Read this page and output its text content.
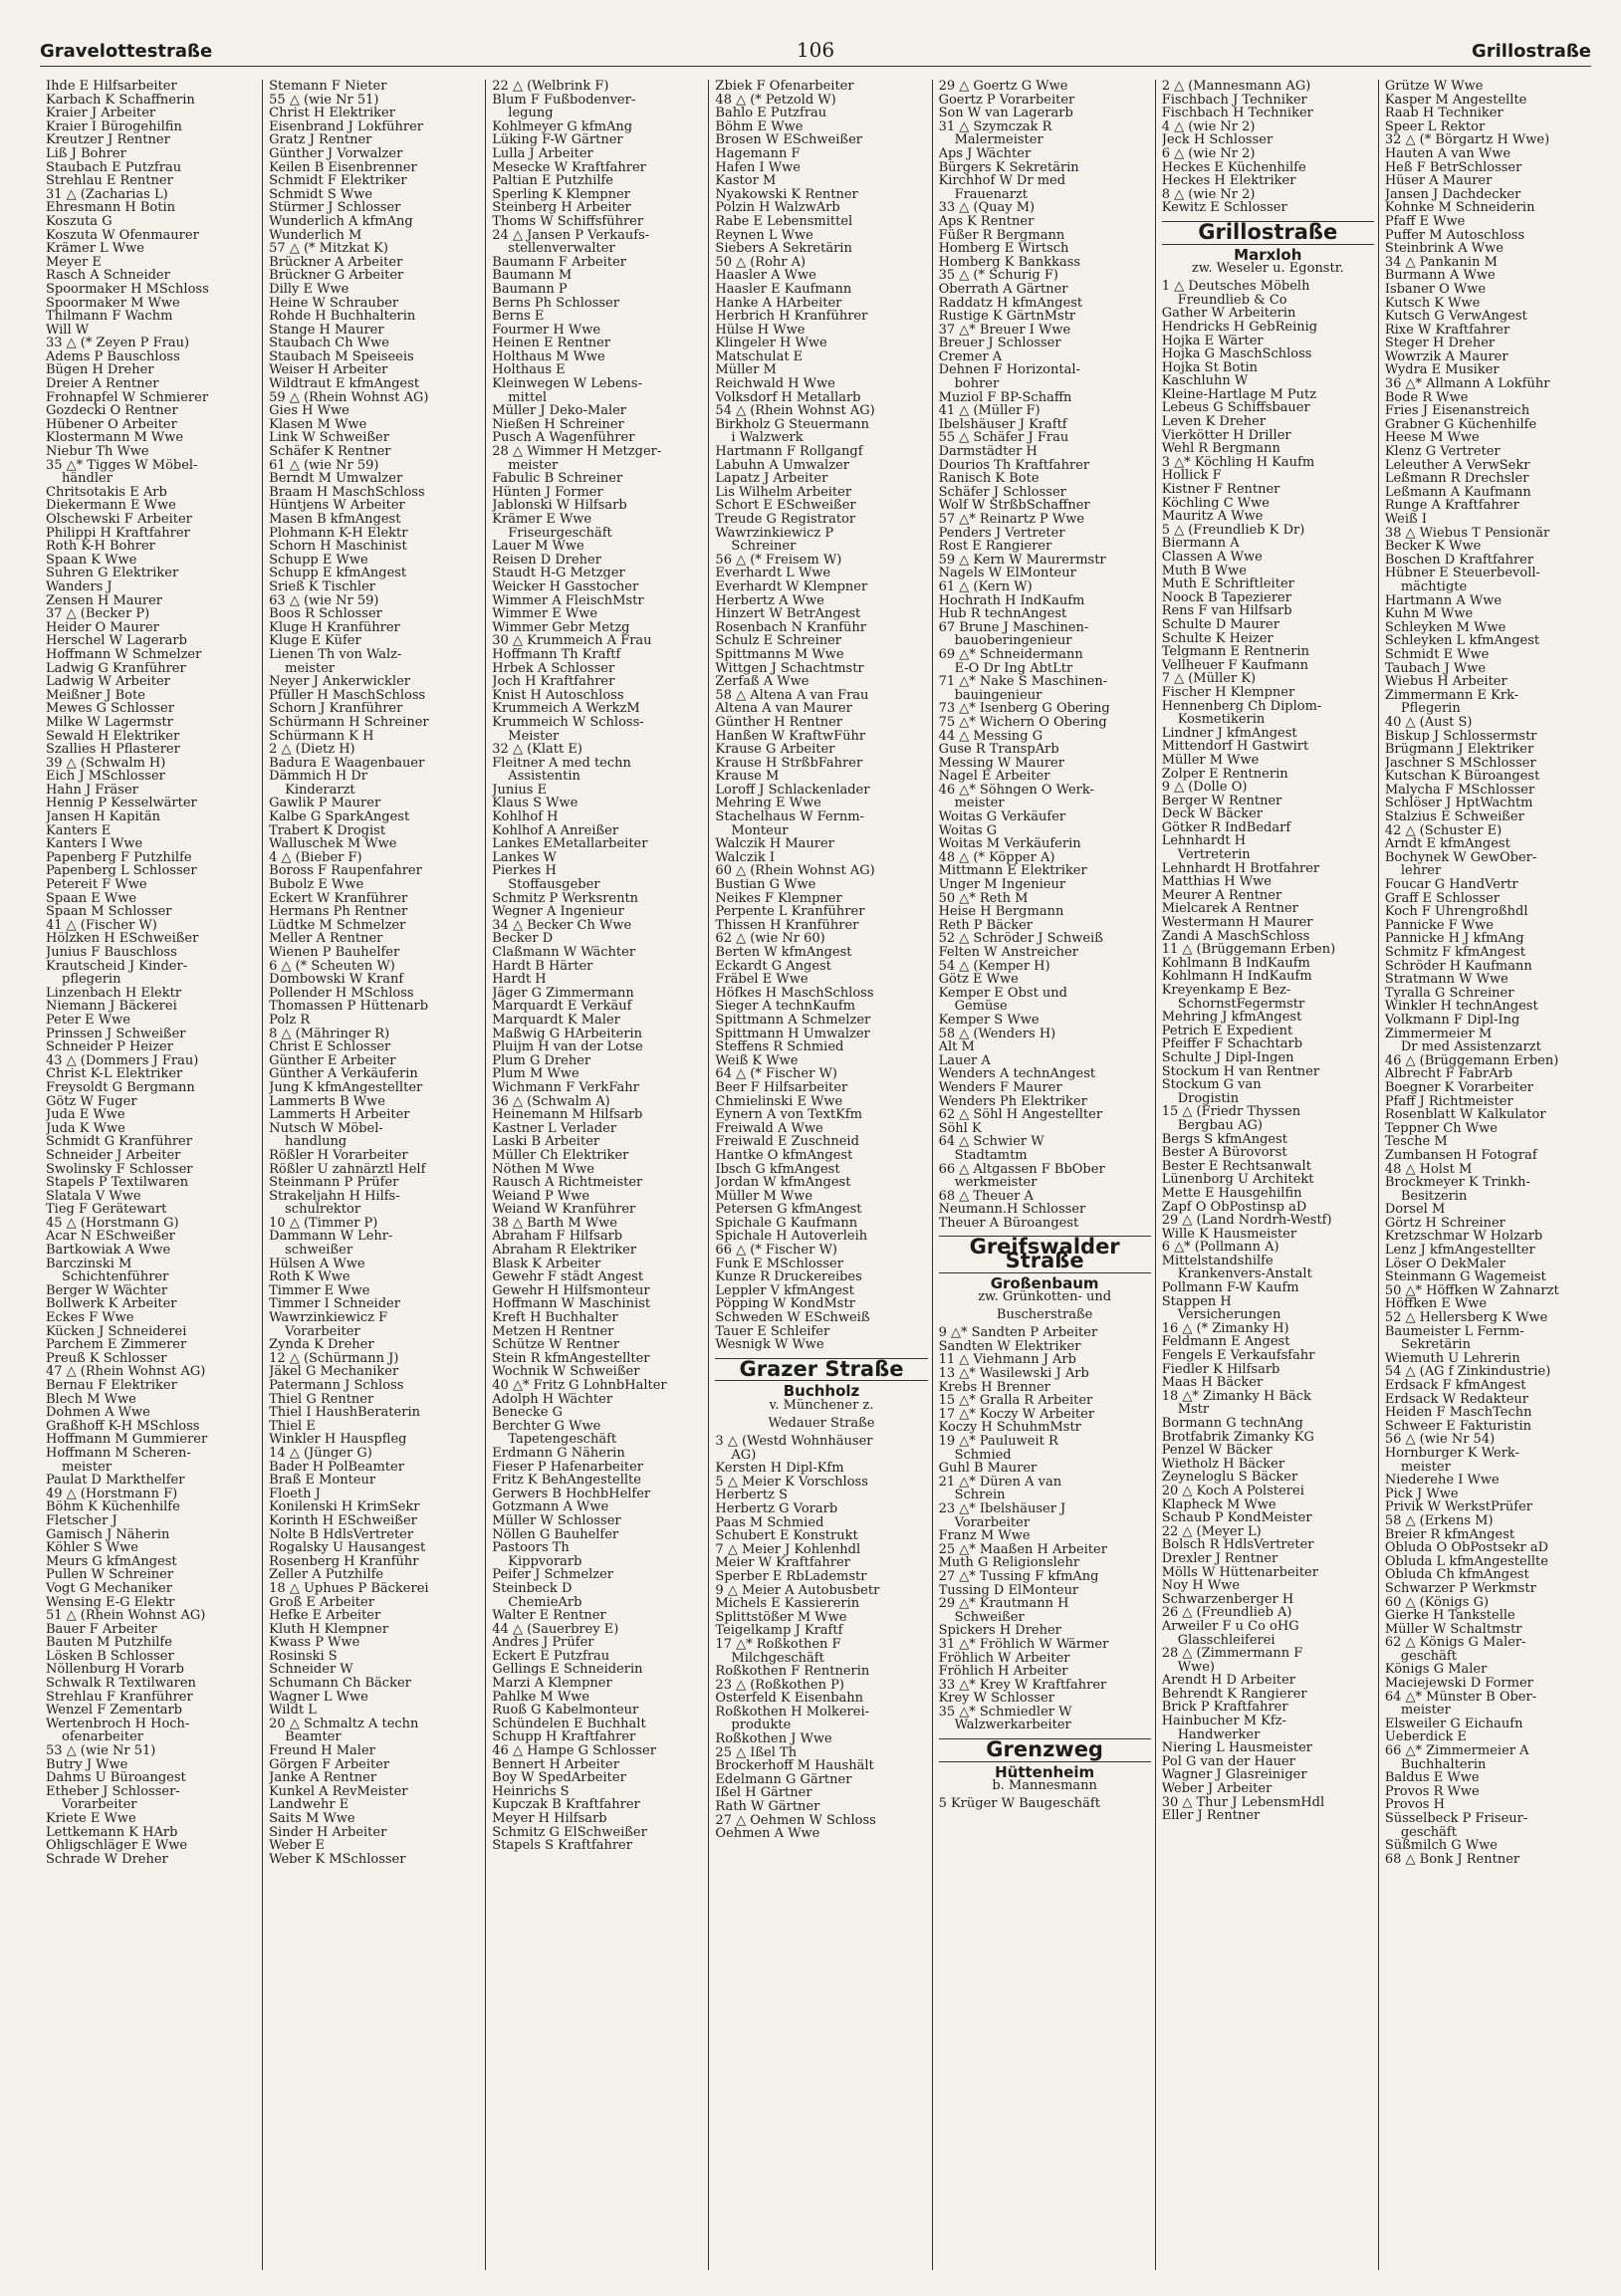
Gravelottestraße	106	Grillostraße
Ihde E Hilfsarbeiter
Karbach K Schaffnerin
Kraier J Arbeiter
Kraier I Bürogehilfin
Kreutzer J Rentner
Liß J Bohrer
Staubach E Putzfrau
Strehlau E Rentner
31 △ (Zacharias L)
Ehresmann H Botin
Koszuta G
Koszuta W Ofenmaurer
Krämer L Wwe
Meyer E
Rasch A Schneider
Spoormaker H MSchloss
Spoormaker M Wwe
Thilmann F Wachm
Will W
33 △ (* Zeyen P Frau)
Adems P Bauschloss
Bügen H Dreher
Dreier A Rentner
Frohnapfel W Schmierer
Gozdecki O Rentner
Hübener O Arbeiter
Klostermann M Wwe
Niebur Th Wwe
35 △* Tigges W Möbel-
händler
Chritsotakis E Arb
Diekermann E Wwe
Olschewski F Arbeiter
Philippi H Kraftfahrer
Roth K-H Bohrer
Spaan K Wwe
Suhren G Elektriker
Wanders J
Zensen H Maurer
37 △ (Becker P)
Heider O Maurer
Herschel W Lagerarb
Hoffmann W Schmelzer
Ladwig G Kranführer
Ladwig W Arbeiter
Meißner J Bote
Mewes G Schlosser
Milke W Lagermstr
Sewald H Elektriker
Szallies H Pflasterer
39 △ (Schwalm H)
Eich J MSchlosser
Hahn J Fräser
Hennig P Kesselwärter
Jansen H Kapitän
Kanters E
Kanters I Wwe
Papenberg F Putzhilfe
Papenberg L Schlosser
Petereit F Wwe
Spaan E Wwe
Spaan M Schlosser
41 △ (Fischer W)
Hölzken H ESchweißer
Junius F Bauschloss
Krautscheid J Kinder-
pflegerin
Linzenbach H Elektr
Niemann J Bäckerei
Peter E Wwe
Prinssen J Schweißer
Schneider P Heizer
43 △ (Dommers J Frau)
Christ K-L Elektriker
Freysoldt G Bergmann
Götz W Fuger
Juda E Wwe
Juda K Wwe
Schmidt G Kranführer
Schneider J Arbeiter
Swolinsky F Schlosser
Stapels P Textilwaren
Slatala V Wwe
Tieg F Gerätewart
45 △ (Horstmann G)
Acar N ESchweißer
Bartkowiak A Wwe
Barczinski M
Schichtenführer
Berger W Wächter
Bollwerk K Arbeiter
Eckes F Wwe
Kücken J Schneiderei
Parchem E Zimmerer
Preuß K Schlosser
47 △ (Rhein Wohnst AG)
Bernau F Elektriker
Blech M Wwe
Dohmen A Wwe
Graßhoff K-H MSchloss
Hoffmann M Gummierer
Hoffmann M Scheren-
meister
Paulat D Markthelfer
49 △ (Horstmann F)
Böhm K Küchenhilfe
Fletscher J
Gamisch J Näherin
Köhler S Wwe
Meurs G kfmAngest
Pullen W Schreiner
Vogt G Mechaniker
Wensing E-G Elektr
51 △ (Rhein Wohnst AG)
Bauer F Arbeiter
Bauten M Putzhilfe
Lösken B Schlosser
Nöllenburg H Vorarb
Schwalk R Textilwaren
Strehlau F Kranführer
Wenzel F Zementarb
Wertenbroch H Hoch-
ofenarbeiter
53 △ (wie Nr 51)
Butry J Wwe
Dahms U Büroangest
Etheber J Schlosser-
Vorarbeiter
Kriete E Wwe
Lettkemann K HArb
Ohligschläger E Wwe
Schrade W Dreher
Stemann F Nieter
55 △ (wie Nr 51)
Christ H Elektriker
Eisenbrand J Lokführer
Gratz J Rentner
Günther J Vorwalzer
Keilen B Eisenbrenner
Schmidt F Elektriker
Schmidt S Wwe
Stürmer J Schlosser
Wunderlich A kfmAng
Wunderlich M
57 △ (* Mitzkat K)
Brückner A Arbeiter
Brückner G Arbeiter
Dilly E Wwe
Heine W Schrauber
Rohde H Buchhalterin
Stange H Maurer
Staubach Ch Wwe
Staubach M Speiseeis
Weiser H Arbeiter
Wildtraut E kfmAngest
59 △ (Rhein Wohnst AG)
Gies H Wwe
Klasen M Wwe
Link W Schweißer
Schäfer K Rentner
61 △ (wie Nr 59)
Berndt M Umwalzer
Braam H MaschSchloss
Hüntjens W Arbeiter
Masen B kfmAngest
Plohmann K-H Elektr
Schorn H Maschinist
Schupp E Wwe
Schupp E kfmAngest
Srieß K Tischler
63 △ (wie Nr 59)
Boos R Schlosser
Kluge H Kranführer
Kluge E Küfer
Lienen Th von Walz-
meister
Neyer J Ankerwickler
Pfüller H MaschSchloss
Schorn J Kranführer
Schürmann H Schreiner
Schürmann K H
2 △ (Dietz H)
Badura E Waagenbauer
Dämmich H Dr
Kinderarzt
Gawlik P Maurer
Kalbe G SparkAngest
Trabert K Drogist
Walluschek M Wwe
4 △ (Bieber F)
Boross F Raupenfahrer
Bubolz E Wwe
Eckert W Kranführer
Hermans Ph Rentner
Lüdtke M Schmelzer
Meller A Rentner
Wienen P Bauhelfer
6 △ (* Scheuten W)
Dombowski W Kranf
Pollender H MSchloss
Thomassen P Hüttenarb
Polz R
8 △ (Mähringer R)
Christ E Schlosser
Günther E Arbeiter
Günther A Verkäuferin
Jung K kfmAngestellter
Lammerts B Wwe
Lammerts H Arbeiter
Nutsch W Möbel-
handlung
Rößler H Vorarbeiter
Rößler U zahnärztl Helf
Steinmann P Prüfer
Strakeljahn H Hilfs-
schulrektor
10 △ (Timmer P)
Dammann W Lehr-
schweißer
Hülsen A Wwe
Roth K Wwe
Timmer E Wwe
Timmer I Schneider
Wawrzinkiewicz F
Vorarbeiter
Zynda K Dreher
12 △ (Schürmann J)
Jäkel G Mechaniker
Patermann J Schloss
Thiel G Rentner
Thiel I HaushBeraterin
Thiel E
Winkler H Hauspfleg
14 △ (Jünger G)
Bader H PolBeamter
Braß E Monteur
Floeth J
Konilenski H KrimSekr
Korinth H ESchweißer
Nolte B HdlsVertreter
Rogalsky U Hausangest
Rosenberg H Kranführ
Zeller A Putzhilfe
18 △ Uphues P Bäckerei
Groß E Arbeiter
Hefke E Arbeiter
Kluth H Klempner
Kwass P Wwe
Rosinski S
Schneider W
Schumann Ch Bäcker
Wagner L Wwe
Wildt L
20 △ Schmaltz A techn
Beamter
Freund H Maler
Görgen F Arbeiter
Janke A Rentner
Kunkel A RevMeister
Landwehr E
Saits M Wwe
Sinder H Arbeiter
Weber E
Weber K MSchlosser
22 △ (Welbrink F)
Blum F Fußbodenver-
legung
Kohlmeyer G kfmAng
Lüking F-W Gärtner
Lulla J Arbeiter
Mesecke W Kraftfahrer
Paltian E Putzhilfe
Sperling K Klempner
Steinberg H Arbeiter
Thoms W Schiffsführer
24 △ Jansen P Verkaufs-
stellenverwalter
Baumann F Arbeiter
Baumann M
Baumann P
Berns Ph Schlosser
Berns E
Fourmer H Wwe
Heinen E Rentner
Holthaus M Wwe
Holthaus E
Kleinwegen W Lebens-
mittel
Müller J Deko-Maler
Nießen H Schreiner
Pusch A Wagenführer
28 △ Wimmer H Metzger-
meister
Fabulic B Schreiner
Hünten J Former
Jablonski W Hilfsarb
Krämer E Wwe
Friseurgeschäft
Lauer M Wwe
Reisen D Dreher
Staudt H-G Metzger
Weicker H Gasstocher
Wimmer A FleischMstr
Wimmer E Wwe
Wimmer Gebr Metzg
30 △ Krummeich A Frau
Hoffmann Th Kraftf
Hrbek A Schlosser
Joch H Kraftfahrer
Knist H Autoschloss
Krummeich A WerkzM
Krummeich W Schloss-
Meister
32 △ (Klatt E)
Fleitner A med techn
Assistentin
Junius E
Klaus S Wwe
Kohlhof H
Kohlhof A Anreißer
Lankes EMetallarbeiter
Lankes W
Pierkes H
Stoffausgeber
Schmitz P Werksrentn
Wegner A Ingenieur
34 △ Becker Ch Wwe
Becker D
Claßmann W Wächter
Hardt B Härter
Hardt H
Jäger G Zimmermann
Marquardt E Verkäuf
Marquardt K Maler
Maßwig G HArbeiterin
Pluijm H van der Lotse
Plum G Dreher
Plum M Wwe
Wichmann F VerkFahr
36 △ (Schwalm A)
Heinemann M Hilfsarb
Kastner L Verlader
Laski B Arbeiter
Müller Ch Elektriker
Nöthen M Wwe
Rausch A Richtmeister
Weiand P Wwe
Weiand W Kranführer
38 △ Barth M Wwe
Abraham F Hilfsarb
Abraham R Elektriker
Blask K Arbeiter
Gewehr F städt Angest
Gewehr H Hilfsmonteur
Hoffmann W Maschinist
Kreft H Buchhalter
Metzen H Rentner
Schütze W Rentner
Stein R kfmAngestellter
Wochnik W Schweißer
40 △* Fritz G LohnbHalter
Adolph H Wächter
Benecke G
Berchter G Wwe
Tapetengeschäft
Erdmann G Näherin
Fieser P Hafenarbeiter
Fritz K BehAngestellte
Gerwers B HochbHelfer
Gotzmann A Wwe
Müller W Schlosser
Nöllen G Bauhelfer
Pastoors Th
Kippvorarb
Peifer J Schmelzer
Steinbeck D
ChemieArb
Walter E Rentner
44 △ (Sauerbrey E)
Andres J Prüfer
Eckert E Putzfrau
Gellings E Schneiderin
Marzi A Klempner
Pahlke M Wwe
Ruoß G Kabelmonteur
Schündelen E Buchhalt
Schupp H Kraftfahrer
46 △ Hampe G Schlosser
Bennert H Arbeiter
Boy W SpedArbeiter
Heinrichs S
Kupczak B Kraftfahrer
Meyer H Hilfsarb
Schmitz G ElSchweißer
Stapels S Kraftfahrer
Zbiek F Ofenarbeiter
48 △ (* Petzold W)
Bahlo E Putzfrau
Böhm E Wwe
Brosen W ESchweißer
Hagemann F
Hafen I Wwe
Kastor M
Nyakowski K Rentner
Polzin H WalzwArb
Rabe E Lebensmittel
Reynen L Wwe
Siebers A Sekretärin
50 △ (Rohr A)
Haasler A Wwe
Haasler E Kaufmann
Hanke A HArbeiter
Herbrich H Kranführer
Hülse H Wwe
Klingeler H Wwe
Matschulat E
Müller M
Reichwald H Wwe
Volksdorf H Metallarb
54 △ (Rhein Wohnst AG)
Birkholz G Steuermann
i Walzwerk
Hartmann F Rollgangf
Labuhn A Umwalzer
Lapatz J Arbeiter
Lis Wilhelm Arbeiter
Schort E ESchweißer
Treude G Registrator
Wawrzinkiewicz P
Schreiner
56 △ (* Freisem W)
Everhardt L Wwe
Everhardt W Klempner
Herbertz A Wwe
Hinzert W BetrAngest
Rosenbach N Kranführ
Schulz E Schreiner
Spittmanns M Wwe
Wittgen J Schachtmstr
Zerfaß A Wwe
58 △ Altena A van Frau
Altena A van Maurer
Günther H Rentner
Hanßen W KraftwFühr
Krause G Arbeiter
Krause H StrßbFahrer
Krause M
Loroff J Schlackenlader
Mehring E Wwe
Stachelhaus W Fernm-
Monteur
Walczik H Maurer
Walczik I
60 △ (Rhein Wohnst AG)
Bustian G Wwe
Neikes F Klempner
Perpente L Kranführer
Thissen H Kranführer
62 △ (wie Nr 60)
Berten W kfmAngest
Eckardt G Angest
Fräbel E Wwe
Höfkes H MaschSchloss
Sieger A technKaufm
Spittmann A Schmelzer
Spittmann H Umwalzer
Steffens R Schmied
Weiß K Wwe
64 △ (* Fischer W)
Beer F Hilfsarbeiter
Chmielinski E Wwe
Eynern A von TextKfm
Freiwald A Wwe
Freiwald E Zuschneid
Hantke O kfmAngest
Ibsch G kfmAngest
Jordan W kfmAngest
Müller M Wwe
Petersen G kfmAngest
Spichale G Kaufmann
Spichale H Autoverleih
66 △ (* Fischer W)
Funk E MSchlosser
Kunze R Druckereibes
Leppler V kfmAngest
Pöpping W KondMstr
Schweden W ESchweiß
Tauer E Schleifer
Wesnigk W Wwe
Grazer Straße
Buchholz
v. Münchener z.
Wedauer Straße
3 △ (Westd Wohnhäuser
AG)
Kersten H Dipl-Kfm
5 △ Meier K Vorschloss
Herbertz S
Herbertz G Vorarb
Paas M Schmied
Schubert E Konstrukt
7 △ Meier J Kohlenhdl
Meier W Kraftfahrer
Sperber E RbLademstr
9 △ Meier A Autobusbetr
Michels E Kassiererin
Splittstößer M Wwe
Teigelkamp J Kraftf
17 △* Roßkothen F
Milchgeschäft
Roßkothen F Rentnerin
23 △ (Roßkothen P)
Osterfeld K Eisenbahn
Roßkothen H Molkerei-
produkte
Roßkothen J Wwe
25 △ Ißel Th
Brockerhoff M Haushält
Edelmann G Gärtner
Ißel H Gärtner
Rath W Gärtner
27 △ Oehmen W Schloss
Oehmen A Wwe
29 △ Goertz G Wwe
Goertz P Vorarbeiter
Son W van Lagerarb
31 △ Szymczak R
Malermeister
Aps J Wächter
Bürgers K Sekretärin
Kirchhof W Dr med
Frauenarzt
33 △ (Quay M)
Aps K Rentner
Füßer R Bergmann
Homberg E Wirtsch
Homberg K Bankkass
35 △ (* Schurig F)
Oberrath A Gärtner
Raddatz H kfmAngest
Rustige K GärtnMstr
37 △* Breuer I Wwe
Breuer J Schlosser
Cremer A
Dehnen F Horizontal-
bohrer
Muziol F BP-Schaffn
41 △ (Müller F)
Ibelshäuser J Kraftf
55 △ Schäfer J Frau
Darmstädter H
Dourios Th Kraftfahrer
Ranisch K Bote
Schäfer J Schlosser
Wolf W StrßbSchaffner
57 △* Reinartz P Wwe
Penders J Vertreter
Rost E Rangierer
59 △ Kern W Maurermstr
Nagels W ElMonteur
61 △ (Kern W)
Hochrath H IndKaufm
Hub R technAngest
67 Brune J Maschinen-
bauoberingenieur
69 △* Schneidermann
E-O Dr Ing AbtLtr
71 △* Nake S Maschinen-
bauingenieur
73 △* Isenberg G Obering
75 △* Wichern O Obering
44 △ Messing G
Guse R TranspArb
Messing W Maurer
Nagel E Arbeiter
46 △* Söhngen O Werk-
meister
Woitas G Verkäufer
Woitas G
Woitas M Verkäuferin
48 △ (* Köpper A)
Mittmann E Elektriker
Unger M Ingenieur
50 △* Reth M
Heise H Bergmann
Reth P Bäcker
52 △ Schröder J Schweiß
Felten W Anstreicher
54 △ (Kemper H)
Götz E Wwe
Kemper E Obst und
Gemüse
Kemper S Wwe
58 △ (Wenders H)
Alt M
Lauer A
Wenders A technAngest
Wenders F Maurer
Wenders Ph Elektriker
62 △ Söhl H Angestellter
Söhl K
64 △ Schwier W
Stadtamtm
66 △ Altgassen F BbOber
werkmeister
68 △ Theuer A
Neumann.H Schlosser
Theuer A Büroangest
Greifswalder Straße
Großenbaum
zw. Grünkotten- und
Buscherstraße
9 △* Sandten P Arbeiter
Sandten W Elektriker
11 △ Viehmann J Arb
13 △* Wasilewski J Arb
Krebs H Brenner
15 △* Gralla R Arbeiter
17 △* Koczy W Arbeiter
Koczy H SchuhmMstr
19 △* Pauluweit R
Schmied
Guhl B Maurer
21 △* Düren A van
Schrein
23 △* Ibelshäuser J
Vorarbeiter
Franz M Wwe
25 △* Maaßen H Arbeiter
Muth G Religionslehr
27 △* Tussing F kfmAng
Tussing D ElMonteur
29 △* Krautmann H
Schweißer
Spickers H Dreher
31 △* Fröhlich W Wärmer
Fröhlich W Arbeiter
Fröhlich H Arbeiter
33 △* Krey W Kraftfahrer
Krey W Schlosser
35 △* Schmiedler W
Walzwerkarbeiter
Grenzweg
Hüttenheim
b. Mannesmann
5 Krüger W Baugeschäft
2 △ (Mannesmann AG)
Fischbach J Techniker
Fischbach H Techniker
4 △ (wie Nr 2)
Jeck H Schlosser
6 △ (wie Nr 2)
Heckes E Küchenhilfe
Heckes H Elektriker
8 △ (wie Nr 2)
Kewitz E Schlosser
Grillostraße
Marxloh
zw. Weseler u. Egonstr.
1 △ Deutsches Möbelh
Freundlieb & Co
Gather W Arbeiterin
Hendricks H GebReinig
Hojka E Wärter
Hojka G MaschSchloss
Hojka St Botin
Kaschluhn W
Kleine-Hartlage M Putz
Lebeus G Schiffsbauer
Leven K Dreher
Vierkötter H Driller
Wehl R Bergmann
3 △* Köchling H Kaufm
Hollick F
Kistner F Rentner
Köchling C Wwe
Mauritz A Wwe
5 △ (Freundlieb K Dr)
Biermann A
Classen A Wwe
Muth B Wwe
Muth E Schriftleiter
Noock B Tapezierer
Rens F van Hilfsarb
Schulte D Maurer
Schulte K Heizer
Telgmann E Rentnerin
Vellheuer F Kaufmann
7 △ (Müller K)
Fischer H Klempner
Hennenberg Ch Diplom-
Kosmetikerin
Lindner J kfmAngest
Mittendorf H Gastwirt
Müller M Wwe
Zolper E Rentnerin
9 △ (Dolle O)
Berger W Rentner
Deck W Bäcker
Götker R IndBedarf
Lehnhardt H
Vertreterin
Lehnhardt H Brotfahrer
Matthias H Wwe
Meurer A Rentner
Mielcarek A Rentner
Westermann H Maurer
Zandi A MaschSchloss
11 △ (Brüggemann Erben)
Kohlmann B IndKaufm
Kohlmann H IndKaufm
Kreyenkamp E Bez-
SchornstFegermstr
Mehring J kfmAngest
Petrich E Expedient
Pfeiffer F Schachtarb
Schulte J Dipl-Ingen
Stockum H van Rentner
Stockum G van
Drogistin
15 △ (Friedr Thyssen
Bergbau AG)
Bergs S kfmAngest
Bester A Bürovorst
Bester E Rechtsanwalt
Lünenborg U Architekt
Mette E Hausgehilfin
Zapf O ObPostinsp aD
29 △ (Land Nordrh-Westf)
Wille K Hausmeister
6 △* (Pollmann A)
Mittelstandshilfe
Krankenvers-Anstalt
Pollmann F-W Kaufm
Stappen H
Versicherungen
16 △ (* Zimanky H)
Feldmann E Angest
Fengels E Verkaufsfahr
Fiedler K Hilfsarb
Maas H Bäcker
18 △* Zimanky H Bäck
Mstr
Bormann G technAng
Brotfabrik Zimanky KG
Penzel W Bäcker
Wietholz H Bäcker
Zeyneloglu S Bäcker
20 △ Koch A Polsterei
Klapheck M Wwe
Schaub P KondMeister
22 △ (Meyer L)
Bolsch R HdlsVertreter
Drexler J Rentner
Mölls W Hüttenarbeiter
Noy H Wwe
Schwarzenberger H
26 △ (Freundlieb A)
Arweiler F u Co oHG
Glasschleiferei
28 △ (Zimmermann F
Wwe)
Arendt H D Arbeiter
Behrendt K Rangierer
Brick P Kraftfahrer
Hainbucher M Kfz-
Handwerker
Niering L Hausmeister
Pol G van der Hauer
Wagner J Glasreiniger
Weber J Arbeiter
30 △ Thur J LebensmHdl
Eller J Rentner
Grütze W Wwe
Kasper M Angestellte
Raab H Techniker
Speer L Rektor
32 △ (* Börgartz H Wwe)
Hauten A van Wwe
Heß F BetrSchlosser
Hüser A Maurer
Jansen J Dachdecker
Kohnke M Schneiderin
Pfaff E Wwe
Puffer M Autoschloss
Steinbrink A Wwe
34 △ Pankanin M
Burmann A Wwe
Isbaner O Wwe
Kutsch K Wwe
Kutsch G VerwAngest
Rixe W Kraftfahrer
Steger H Dreher
Wowrzik A Maurer
Wydra E Musiker
36 △* Allmann A Lokführ
Bode R Wwe
Fries J Eisenanstreich
Grabner G Küchenhilfe
Heese M Wwe
Klenz G Vertreter
Leleuther A VerwSekr
Leßmann R Drechsler
Leßmann A Kaufmann
Runge A Kraftfahrer
Weiß I
38 △ Wiebus T Pensionär
Becker K Wwe
Boschen D Kraftfahrer
Hübner E Steuerbevoll-
mächtigte
Hartmann A Wwe
Kuhn M Wwe
Schleyken M Wwe
Schleyken L kfmAngest
Schmidt E Wwe
Taubach J Wwe
Wiebus H Arbeiter
Zimmermann E Krk-
Pflegerin
40 △ (Aust S)
Biskup J Schlossermstr
Brügmann J Elektriker
Jaschner S MSchlosser
Kutschan K Büroangest
Malycha F MSchlosser
Schlöser J HptWachtm
Stalzius E Schweißer
42 △ (Schuster E)
Arndt E kfmAngest
Bochynek W GewOber-
lehrer
Foucar G HandVertr
Graff E Schlosser
Koch F Uhrengroßhdl
Pannicke F Wwe
Pannicke H J kfmAng
Schmitz F kfmAngest
Schröder H Kaufmann
Stratmann W Wwe
Tyralla G Schreiner
Winkler H technAngest
Volkmann F Dipl-Ing
Zimmermeier M
Dr med Assistenzarzt
46 △ (Brüggemann Erben)
Albrecht F FabrArb
Boegner K Vorarbeiter
Pfaff J Richtmeister
Rosenblatt W Kalkulator
Teppner Ch Wwe
Tesche M
Zumbansen H Fotograf
48 △ Holst M
Brockmeyer K Trinkh-
Besitzerin
Dorsel M
Görtz H Schreiner
Kretzschmar W Holzarb
Lenz J kfmAngestellter
Löser O DekMaler
Steinmann G Wagemeist
50 △* Höffken W Zahnarzt
Höffken E Wwe
52 △ Hellersberg K Wwe
Baumeister L Fernm-
Sekretärin
Wiemuth U Lehrerin
54 △ (AG f Zinkindustrie)
Erdsack F kfmAngest
Erdsack W Redakteur
Heiden F MaschTechn
Schweer E Fakturistin
56 △ (wie Nr 54)
Hornburger K Werk-
meister
Niederehe I Wwe
Pick J Wwe
Privik W WerkstPrüfer
58 △ (Erkens M)
Breier R kfmAngest
Obluda O ObPostsekr aD
Obluda L kfmAngestellte
Obluda Ch kfmAngest
Schwarzer P Werkmstr
60 △ (Königs G)
Gierke H Tankstelle
Müller W Schaltmstr
62 △ Königs G Maler-
geschäft
Königs G Maler
Maciejewski D Former
64 △* Münster B Ober-
meister
Elsweiler G Eichaufn
Ueberdick E
66 △* Zimmermeier A
Buchhalterin
Baldus E Wwe
Provos R Wwe
Provos H
Süsselbeck P Friseur-
geschäft
Süßmilch G Wwe
68 △ Bonk J Rentner
